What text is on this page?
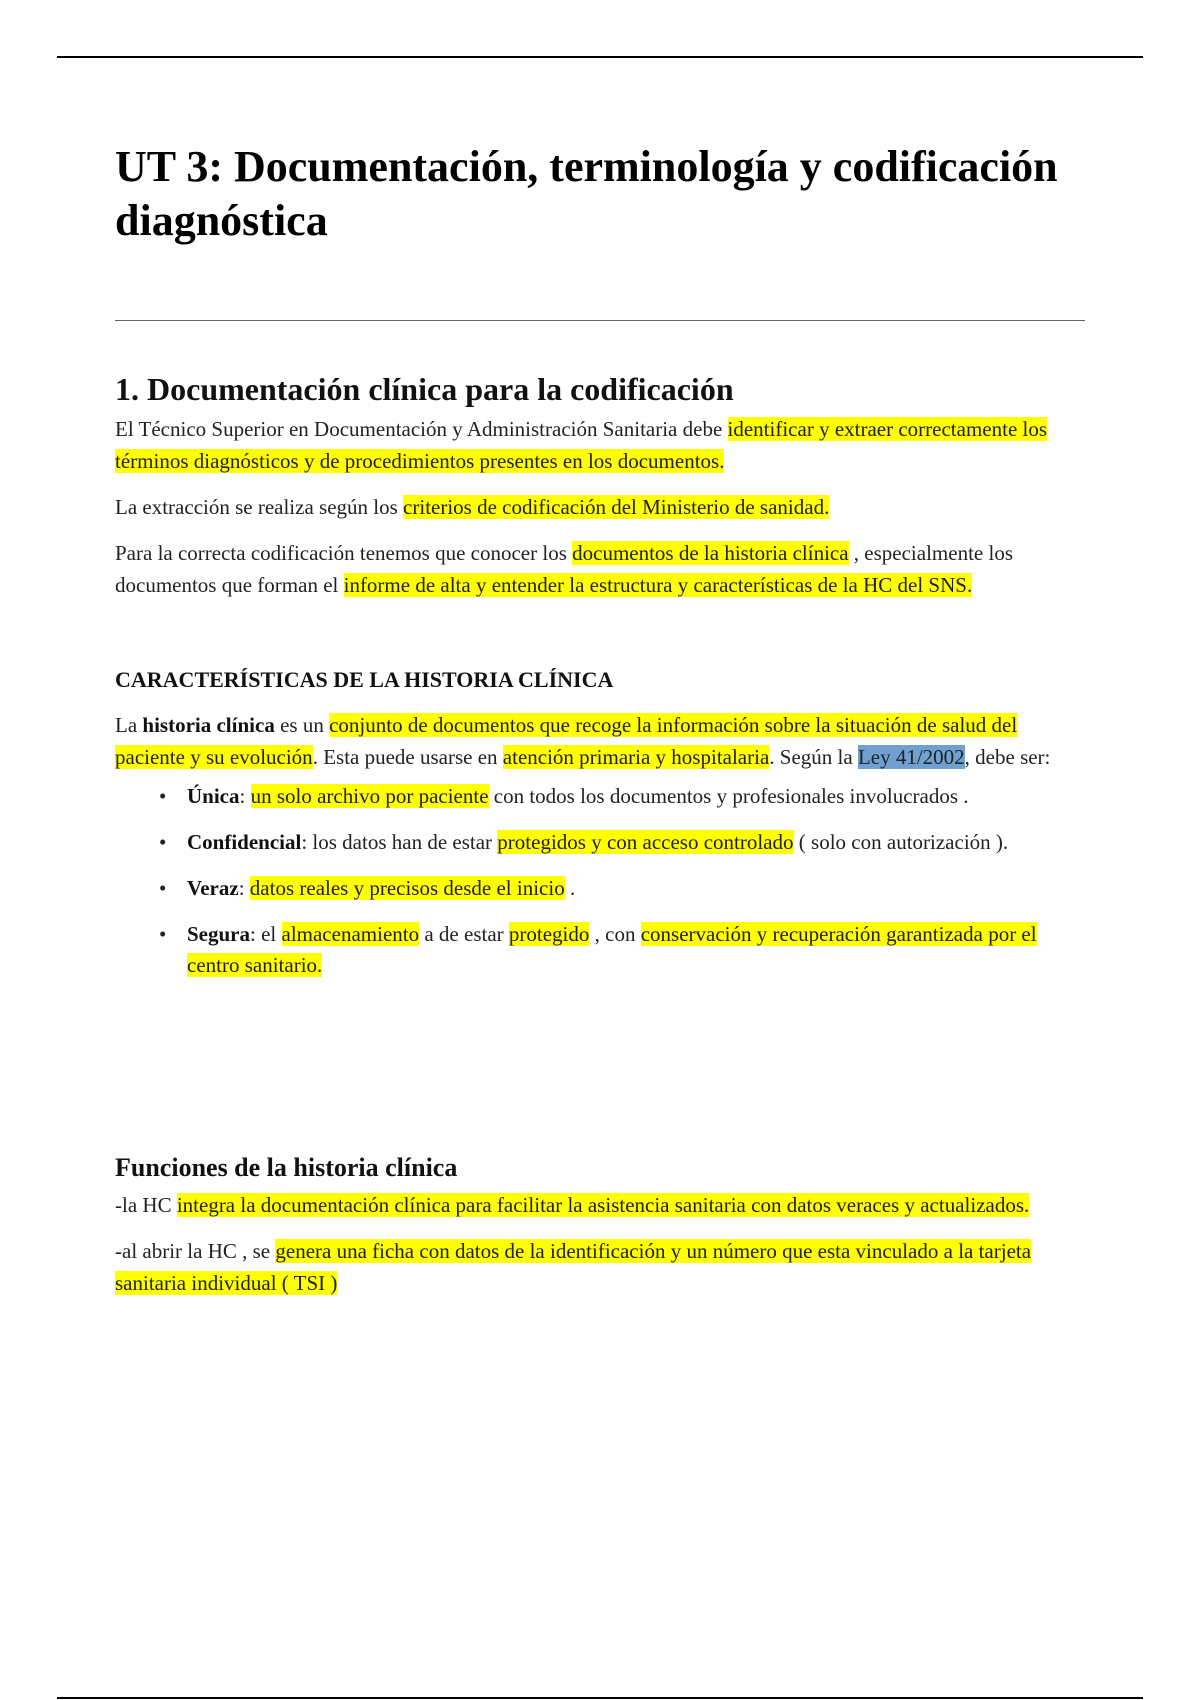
UT 3: Documentación, terminología y codificación diagnóstica
1. Documentación clínica para la codificación

El Técnico Superior en Documentación y Administración Sanitaria debe identificar y extraer correctamente los términos diagnósticos y de procedimientos presentes en los documentos.

La extracción se realiza según los criterios de codificación del Ministerio de sanidad.

Para la correcta codificación tenemos que conocer los documentos de la historia clínica , especialmente los documentos que forman el informe de alta y entender la estructura y características de la HC del SNS.

CARACTERÍSTICAS DE LA HISTORIA CLÍNICA

La historia clínica es un conjunto de documentos que recoge la información sobre la situación de salud del paciente y su evolución. Esta puede usarse en atención primaria y hospitalaria. Según la Ley 41/2002, debe ser:

• Única: un solo archivo por paciente con todos los documentos y profesionales involucrados .
• Confidencial: los datos han de estar protegidos y con acceso controlado ( solo con autorización ).
• Veraz: datos reales y precisos desde el inicio .
• Segura: el almacenamiento a de estar protegido , con conservación y recuperación garantizada por el centro sanitario.
Funciones de la historia clínica

-la HC integra la documentación clínica para facilitar la asistencia sanitaria con datos veraces y actualizados.

-al abrir la HC , se genera una ficha con datos de la identificación y un número que esta vinculado a la tarjeta sanitaria individual ( TSI )
